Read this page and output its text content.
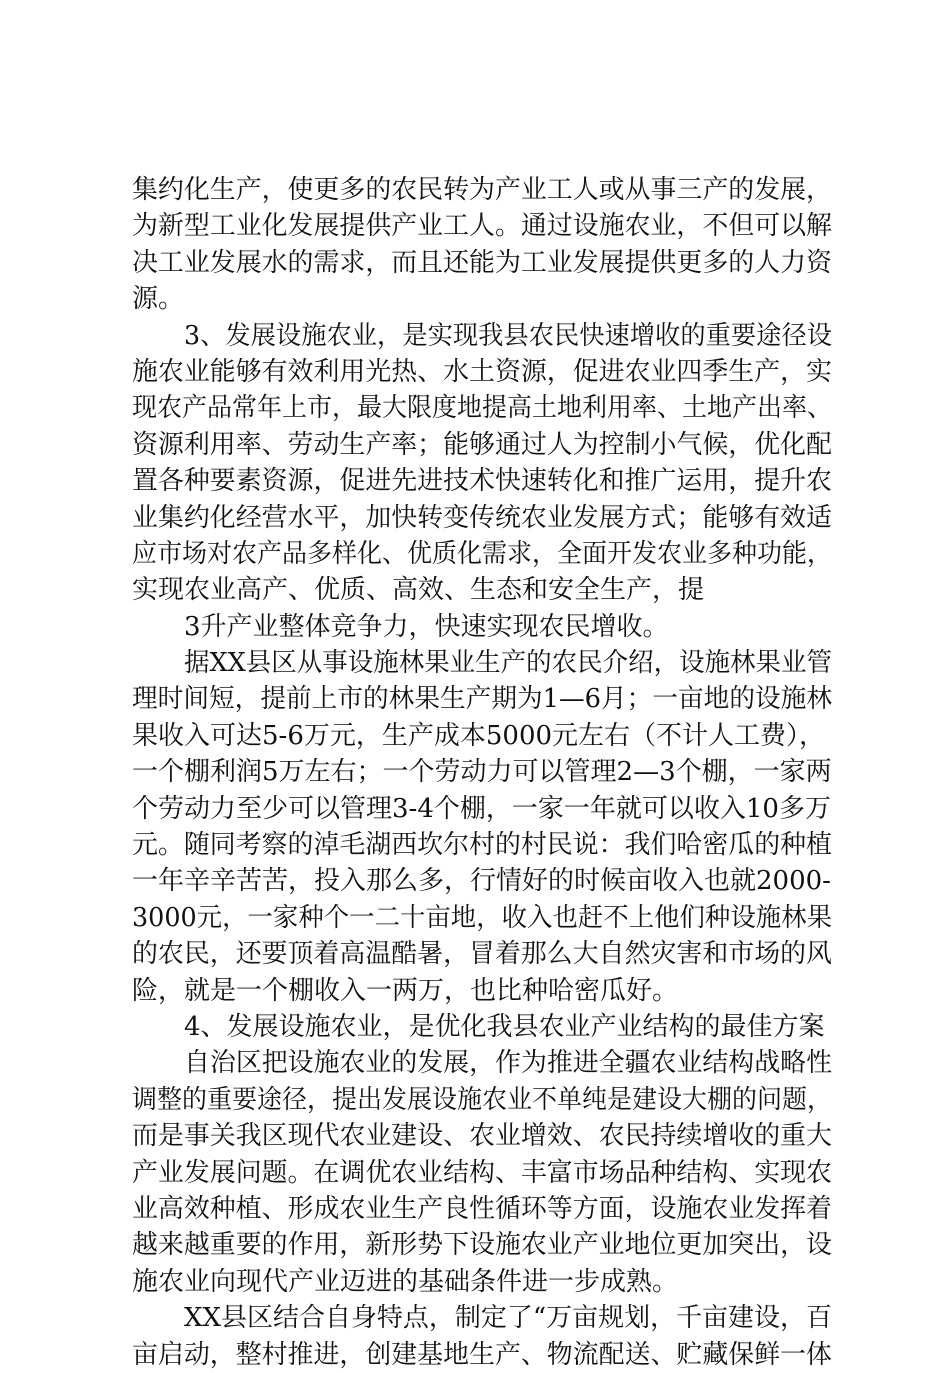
集约化生产，使更多的农民转为产业工人或从事三产的发展，
为新型工业化发展提供产业工人。通过设施农业，不但可以解
决工业发展水的需求，而且还能为工业发展提供更多的人力资
源。
3、发展设施农业，是实现我县农民快速增收的重要途径设
施农业能够有效利用光热、水土资源，促进农业四季生产，实
现农产品常年上市，最大限度地提高土地利用率、土地产出率、
资源利用率、劳动生产率；能够通过人为控制小气候，优化配
置各种要素资源，促进先进技术快速转化和推广运用，提升农
业集约化经营水平，加快转变传统农业发展方式；能够有效适
应市场对农产品多样化、优质化需求，全面开发农业多种功能，
实现农业高产、优质、高效、生态和安全生产，提
3升产业整体竞争力，快速实现农民增收。
据XX县区从事设施林果业生产的农民介绍，设施林果业管
理时间短，提前上市的林果生产期为1—6月；一亩地的设施林
果收入可达5-6万元，生产成本5000元左右（不计人工费），
一个棚利润5万左右；一个劳动力可以管理2—3个棚，一家两
个劳动力至少可以管理3-4个棚，一家一年就可以收入10多万
元。随同考察的淖毛湖西坎尔村的村民说：我们哈密瓜的种植
一年辛辛苦苦，投入那么多，行情好的时候亩收入也就2000-
3000元，一家种个一二十亩地，收入也赶不上他们种设施林果
的农民，还要顶着高温酷暑，冒着那么大自然灾害和市场的风
险，就是一个棚收入一两万，也比种哈密瓜好。
4、发展设施农业，是优化我县农业产业结构的最佳方案
自治区把设施农业的发展，作为推进全疆农业结构战略性
调整的重要途径，提出发展设施农业不单纯是建设大棚的问题，
而是事关我区现代农业建设、农业增效、农民持续增收的重大
产业发展问题。在调优农业结构、丰富市场品种结构、实现农
业高效种植、形成农业生产良性循环等方面，设施农业发挥着
越来越重要的作用，新形势下设施农业产业地位更加突出，设
施农业向现代产业迈进的基础条件进一步成熟。
XX县区结合自身特点，制定了“万亩规划，千亩建设，百
亩启动，整村推进，创建基地生产、物流配送、贮藏保鲜一体
